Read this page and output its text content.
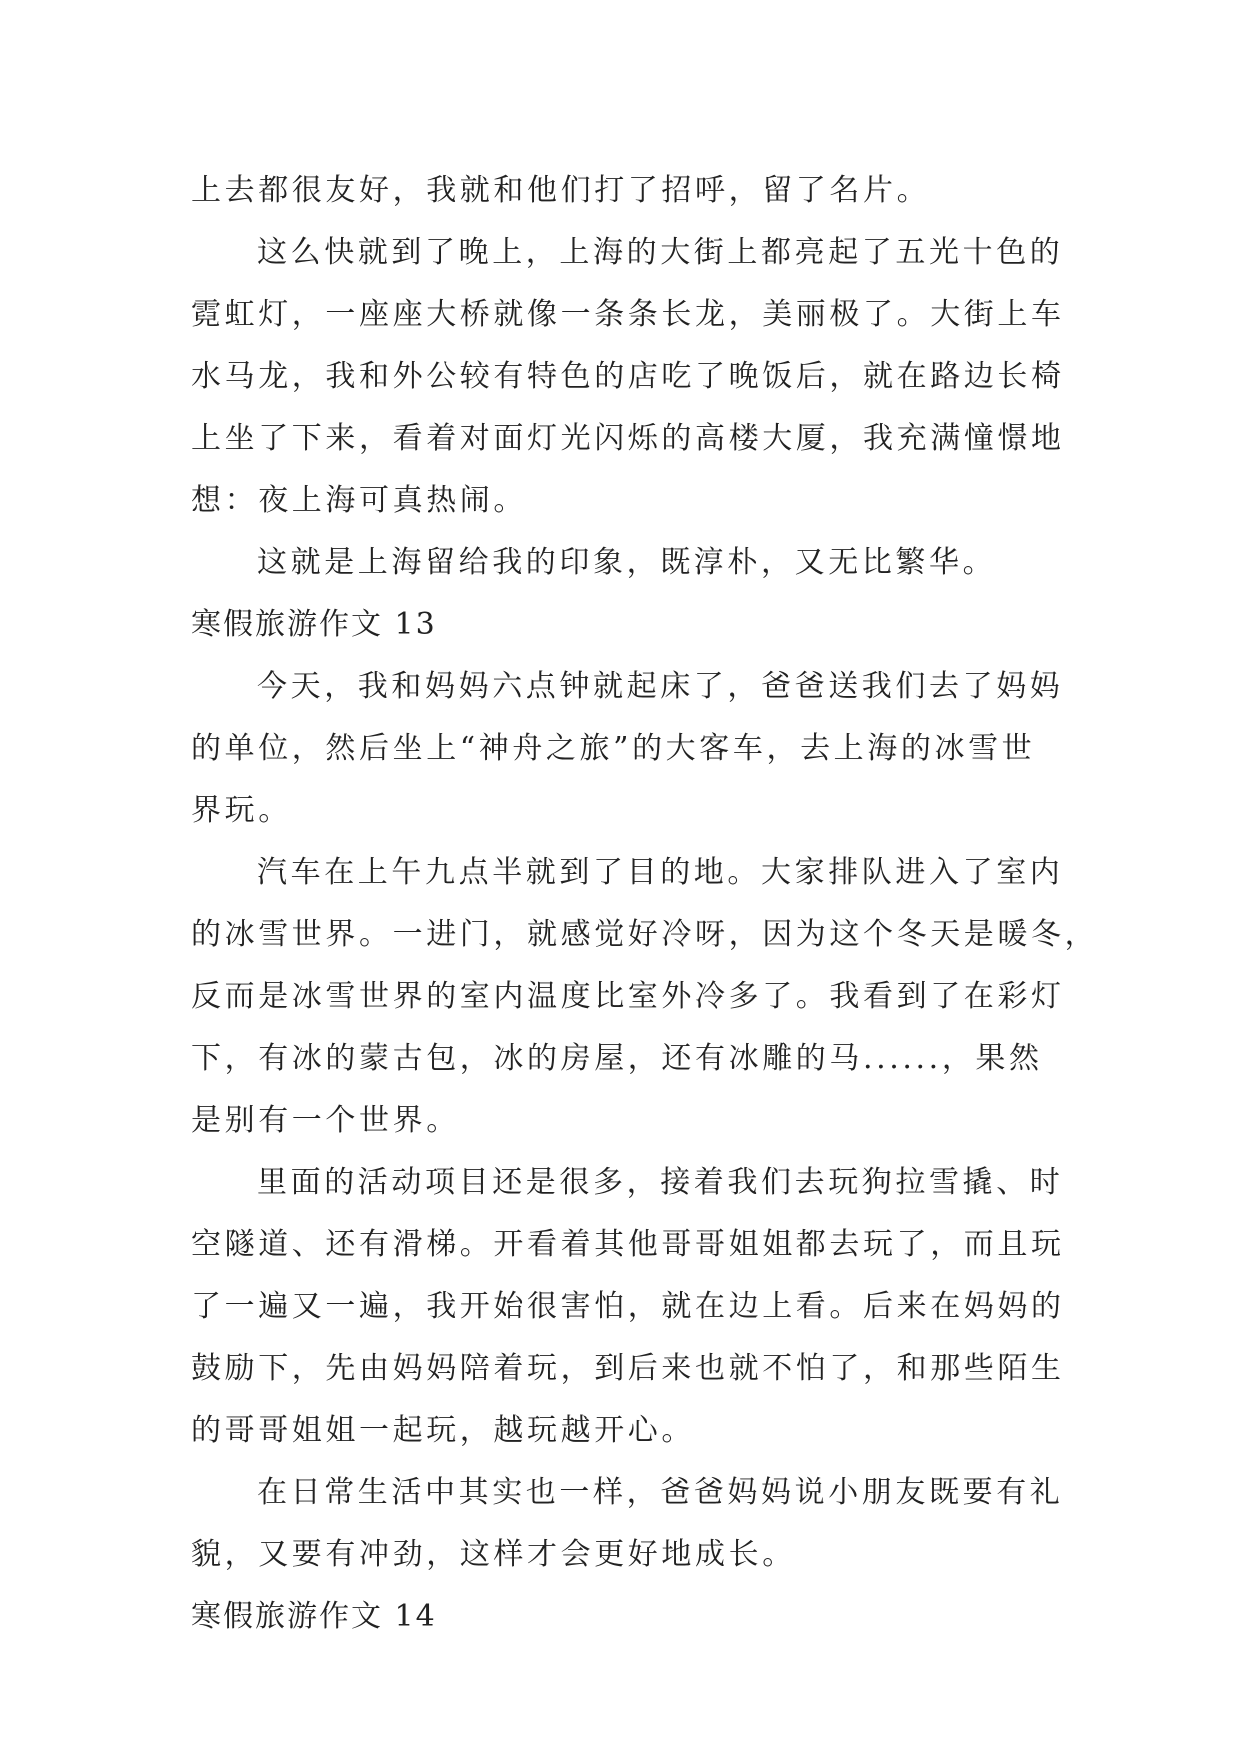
上去都很友好，我就和他们打了招呼，留了名片。
这么快就到了晚上，上海的大街上都亮起了五光十色的
霓虹灯，一座座大桥就像一条条长龙，美丽极了。大街上车
水马龙，我和外公较有特色的店吃了晚饭后，就在路边长椅
上坐了下来，看着对面灯光闪烁的高楼大厦，我充满憧憬地
想：夜上海可真热闹。
这就是上海留给我的印象，既淳朴，又无比繁华。
寒假旅游作文 13
今天，我和妈妈六点钟就起床了，爸爸送我们去了妈妈
的单位，然后坐上“神舟之旅”的大客车，去上海的冰雪世
界玩。
汽车在上午九点半就到了目的地。大家排队进入了室内
的冰雪世界。一进门，就感觉好冷呀，因为这个冬天是暖冬，
反而是冰雪世界的室内温度比室外冷多了。我看到了在彩灯
下，有冰的蒙古包，冰的房屋，还有冰雕的马......，果然
是别有一个世界。
里面的活动项目还是很多，接着我们去玩狗拉雪撬、时
空隧道、还有滑梯。开看着其他哥哥姐姐都去玩了，而且玩
了一遍又一遍，我开始很害怕，就在边上看。后来在妈妈的
鼓励下，先由妈妈陪着玩，到后来也就不怕了，和那些陌生
的哥哥姐姐一起玩，越玩越开心。
在日常生活中其实也一样，爸爸妈妈说小朋友既要有礼
貌，又要有冲劲，这样才会更好地成长。
寒假旅游作文 14
